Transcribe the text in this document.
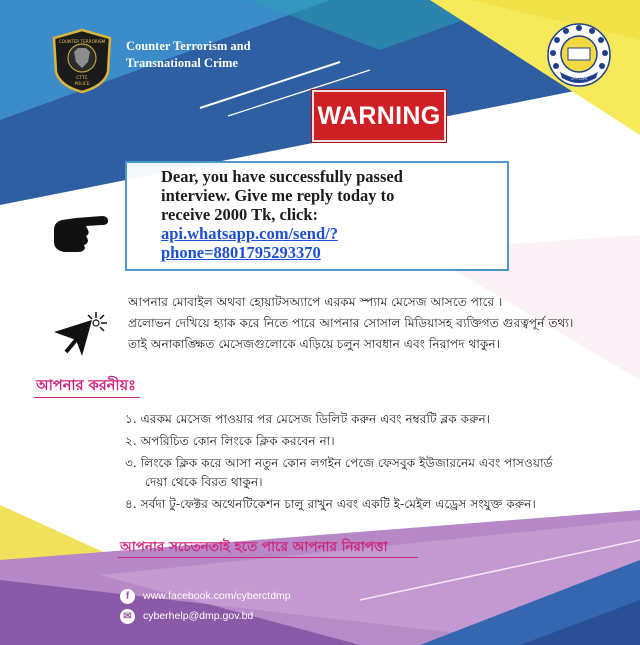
COUNTER TERRORISM
CTTC
POLICE
Counter Terrorism and
Transnational Crime
দেশপ্রেম
WARNING
Dear, you have successfully passed
interview. Give me reply today to
receive 2000 Tk, click:
api.whatsapp.com/send/?
phone=8801795293370
আপনার মোবাইল অথবা হোয়াটসঅ্যাপে এরকম স্প্যাম মেসেজ আসতে পারে ।
প্রলোভন দেখিয়ে হ্যাক করে নিতে পারে আপনার সোসাল মিডিয়াসহ ব্যক্তিগত গুরত্বপূর্ন তথ্য।
তাই অনাকাঙ্ক্ষিত মেসেজগুলোকে এড়িয়ে চলুন সাবধান এবং নিরাপদ থাকুন।
আপনার করনীয়ঃ
১. এরকম মেসেজ পাওয়ার পর মেসেজ ডিলিট করুন এবং নম্বরটি ব্লক করুন।
২. অপরিচিত কোন লিংকে ক্লিক করবেন না।
৩. লিংকে ক্লিক করে আসা নতুন কোন লগইন পেজে ফেসবুক ইউজারনেম এবং পাসওয়ার্ড
দেয়া থেকে বিরত থাকুন।
৪. সর্বদা টু-ফেক্টর অথেনটিকেশন চালু রাখুন এবং একটি ই-মেইল এড্রেস সংযুক্ত করুন।
আপনার সচেতনতাই হতে পারে আপনার নিরাপত্তা
f	www.facebook.com/cyberctdmp
✉	cyberhelp@dmp.gov.bd
